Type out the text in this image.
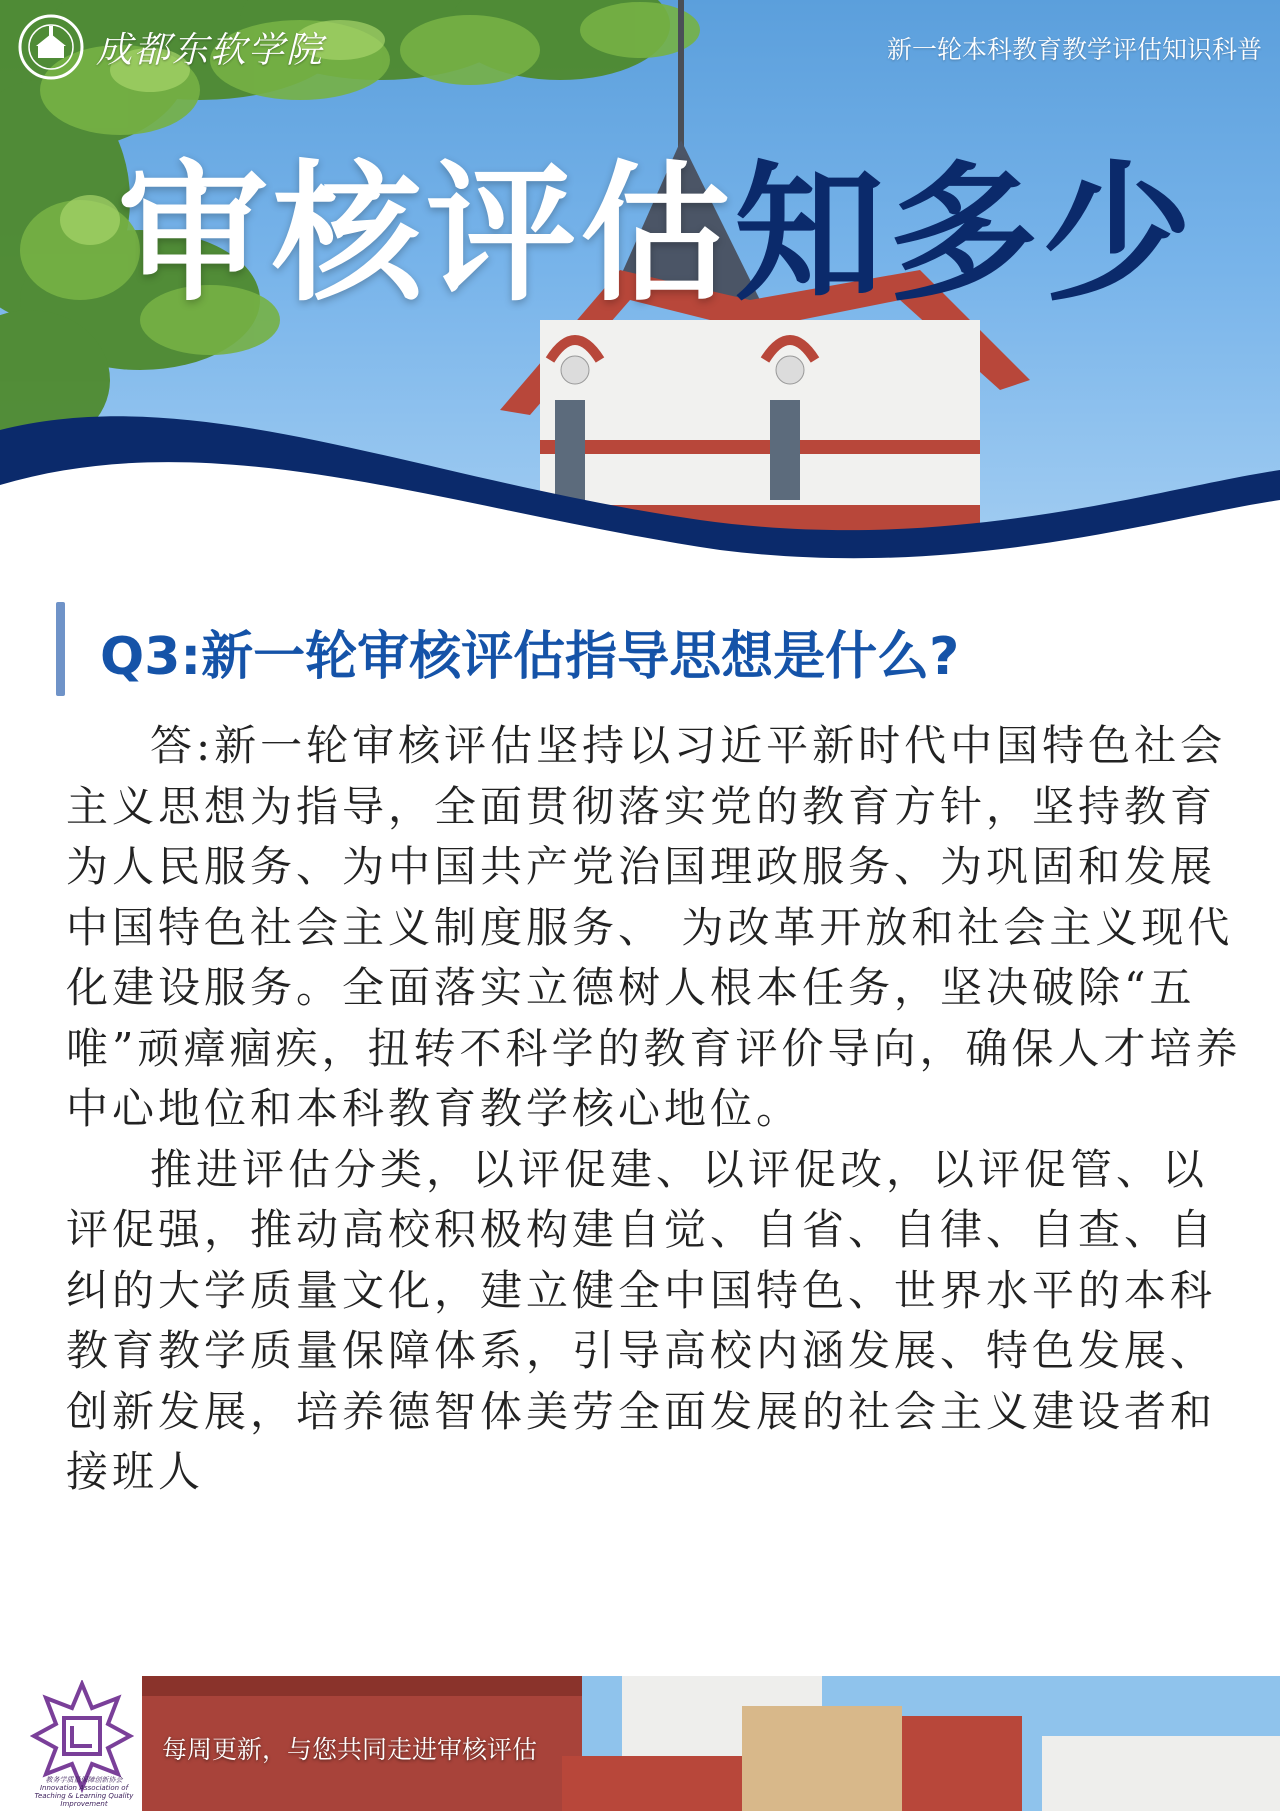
成都东软学院	新一轮本科教育教学评估知识科普
审核评估知多少
Q3:新一轮审核评估指导思想是什么?

答:新一轮审核评估坚持以习近平新时代中国特色社会主义思想为指导，全面贯彻落实党的教育方针，坚持教育为人民服务、为中国共产党治国理政服务、为巩固和发展中国特色社会主义制度服务、 为改革开放和社会主义现代化建设服务。全面落实立德树人根本任务，坚决破除“五唯”顽瘴痼疾，扭转不科学的教育评价导向，确保人才培养中心地位和本科教育教学核心地位。

推进评估分类，以评促建、以评促改，以评促管、以评促强，推动高校积极构建自觉、自省、自律、自查、自纠的大学质量文化，建立健全中国特色、世界水平的本科教育教学质量保障体系，引导高校内涵发展、特色发展、 创新发展，培养德智体美劳全面发展的社会主义建设者和接班人

教务学质量保障创新协会 Innovation Association of Teaching & Learning Quality Improvement
每周更新，与您共同走进审核评估
